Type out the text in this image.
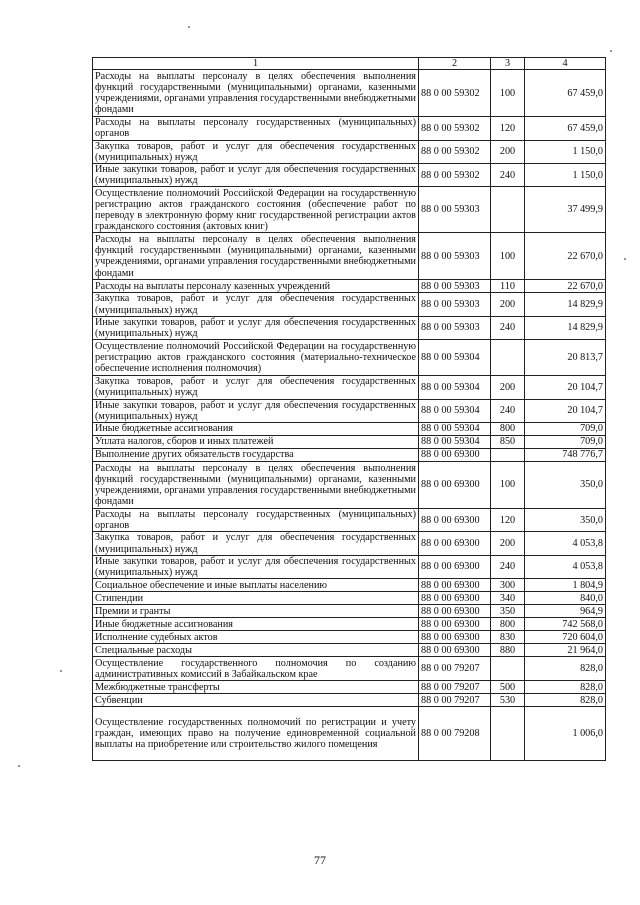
1	2	3	4
Расходы на выплаты персоналу в целях обеспечения выполнения функций государственными (муниципальными) органами, казенными учреждениями, органами управления государственными внебюджетными фондами	88 0 00 59302	100	67 459,0
Расходы на выплаты персоналу государственных (муниципальных) органов	88 0 00 59302	120	67 459,0
Закупка товаров, работ и услуг для обеспечения государственных (муниципальных) нужд	88 0 00 59302	200	1 150,0
Иные закупки товаров, работ и услуг для обеспечения государственных (муниципальных) нужд	88 0 00 59302	240	1 150,0
Осуществление полномочий Российской Федерации на государственную регистрацию актов гражданского состояния (обеспечение работ по переводу в электронную форму книг государственной регистрации актов гражданского состояния (актовых книг)	88 0 00 59303		37 499,9
Расходы на выплаты персоналу в целях обеспечения выполнения функций государственными (муниципальными) органами, казенными учреждениями, органами управления государственными внебюджетными фондами	88 0 00 59303	100	22 670,0
Расходы на выплаты персоналу казенных учреждений	88 0 00 59303	110	22 670,0
Закупка товаров, работ и услуг для обеспечения государственных (муниципальных) нужд	88 0 00 59303	200	14 829,9
Иные закупки товаров, работ и услуг для обеспечения государственных (муниципальных) нужд	88 0 00 59303	240	14 829,9
Осуществление полномочий Российской Федерации на государственную регистрацию актов гражданского состояния (материально-техническое обеспечение исполнения полномочия)	88 0 00 59304		20 813,7
Закупка товаров, работ и услуг для обеспечения государственных (муниципальных) нужд	88 0 00 59304	200	20 104,7
Иные закупки товаров, работ и услуг для обеспечения государственных (муниципальных) нужд	88 0 00 59304	240	20 104,7
Иные бюджетные ассигнования	88 0 00 59304	800	709,0
Уплата налогов, сборов и иных платежей	88 0 00 59304	850	709,0
Выполнение других обязательств государства	88 0 00 69300		748 776,7
Расходы на выплаты персоналу в целях обеспечения выполнения функций государственными (муниципальными) органами, казенными учреждениями, органами управления государственными внебюджетными фондами	88 0 00 69300	100	350,0
Расходы на выплаты персоналу государственных (муниципальных) органов	88 0 00 69300	120	350,0
Закупка товаров, работ и услуг для обеспечения государственных (муниципальных) нужд	88 0 00 69300	200	4 053,8
Иные закупки товаров, работ и услуг для обеспечения государственных (муниципальных) нужд	88 0 00 69300	240	4 053,8
Социальное обеспечение и иные выплаты населению	88 0 00 69300	300	1 804,9
Стипендии	88 0 00 69300	340	840,0
Премии и гранты	88 0 00 69300	350	964,9
Иные бюджетные ассигнования	88 0 00 69300	800	742 568,0
Исполнение судебных актов	88 0 00 69300	830	720 604,0
Специальные расходы	88 0 00 69300	880	21 964,0
Осуществление государственного полномочия по созданию административных комиссий в Забайкальском крае	88 0 00 79207		828,0
Межбюджетные трансферты	88 0 00 79207	500	828,0
Субвенции	88 0 00 79207	530	828,0
Осуществление государственных полномочий по регистрации и учету граждан, имеющих право на получение единовременной социальной выплаты на приобретение или строительство жилого помещения	88 0 00 79208		1 006,0
77
